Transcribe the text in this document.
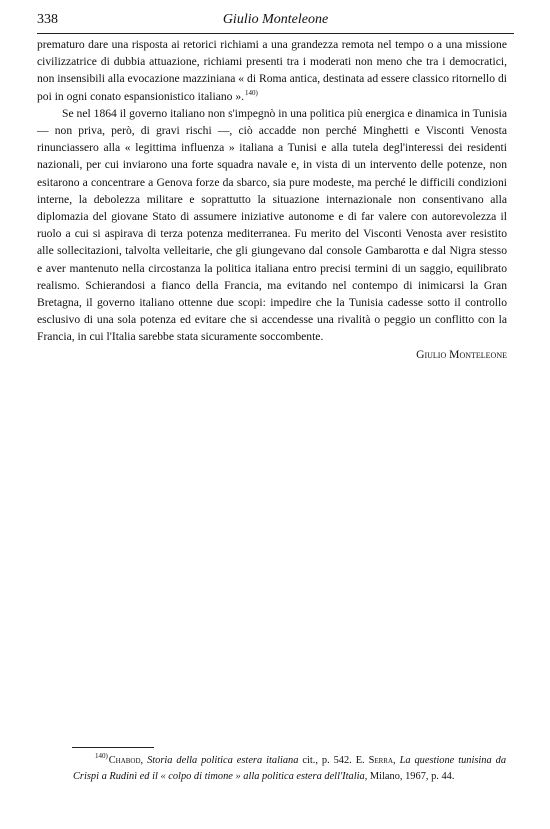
338	Giulio Monteleone

prematuro dare una risposta ai retorici richiami a una grandezza remota nel tempo o a una missione civilizzatrice di dubbia attuazione, richiami presenti tra i moderati non meno che tra i democratici, non insensibili alla evocazione mazziniana « di Roma antica, destinata ad essere classico ritornello di poi in ogni conato espansionistico italiano ». $^{140)}$

Se nel 1864 il governo italiano non s'impegnò in una politica più energica e dinamica in Tunisia — non priva, però, di gravi rischi —, ciò accadde non perché Minghetti e Visconti Venosta rinunciassero alla « legittima influenza » italiana a Tunisi e alla tutela degl'interessi dei residenti nazionali, per cui inviarono una forte squadra navale e, in vista di un intervento delle potenze, non esitarono a concentrare a Genova forze da sbarco, sia pure modeste, ma perché le difficili condizioni interne, la debolezza militare e soprattutto la situazione internazionale non consentivano alla diplomazia del giovane Stato di assumere iniziative autonome e di far valere con autorevolezza il ruolo a cui si aspirava di terza potenza mediterranea. Fu merito del Visconti Venosta aver resistito alle sollecitazioni, talvolta velleitarie, che gli giungevano dal console Gambarotta e dal Nigra stesso e aver mantenuto nella circostanza la politica italiana entro precisi termini di un saggio, equilibrato realismo. Schierandosi a fianco della Francia, ma evitando nel contempo di inimicarsi la Gran Bretagna, il governo italiano ottenne due scopi: impedire che la Tunisia cadesse sotto il controllo esclusivo di una sola potenza ed evitare che si accendesse una rivalità o peggio un conflitto con la Francia, in cui l'Italia sarebbe stata sicuramente soccombente.

Giulio Monteleone

$^{140)}$ Chabod, Storia della politica estera italiana cit., p. 542. E. Serra, La questione tunisina da Crispi a Rudinì ed il « colpo di timone » alla politica estera dell'Italia, Milano, 1967, p. 44.
